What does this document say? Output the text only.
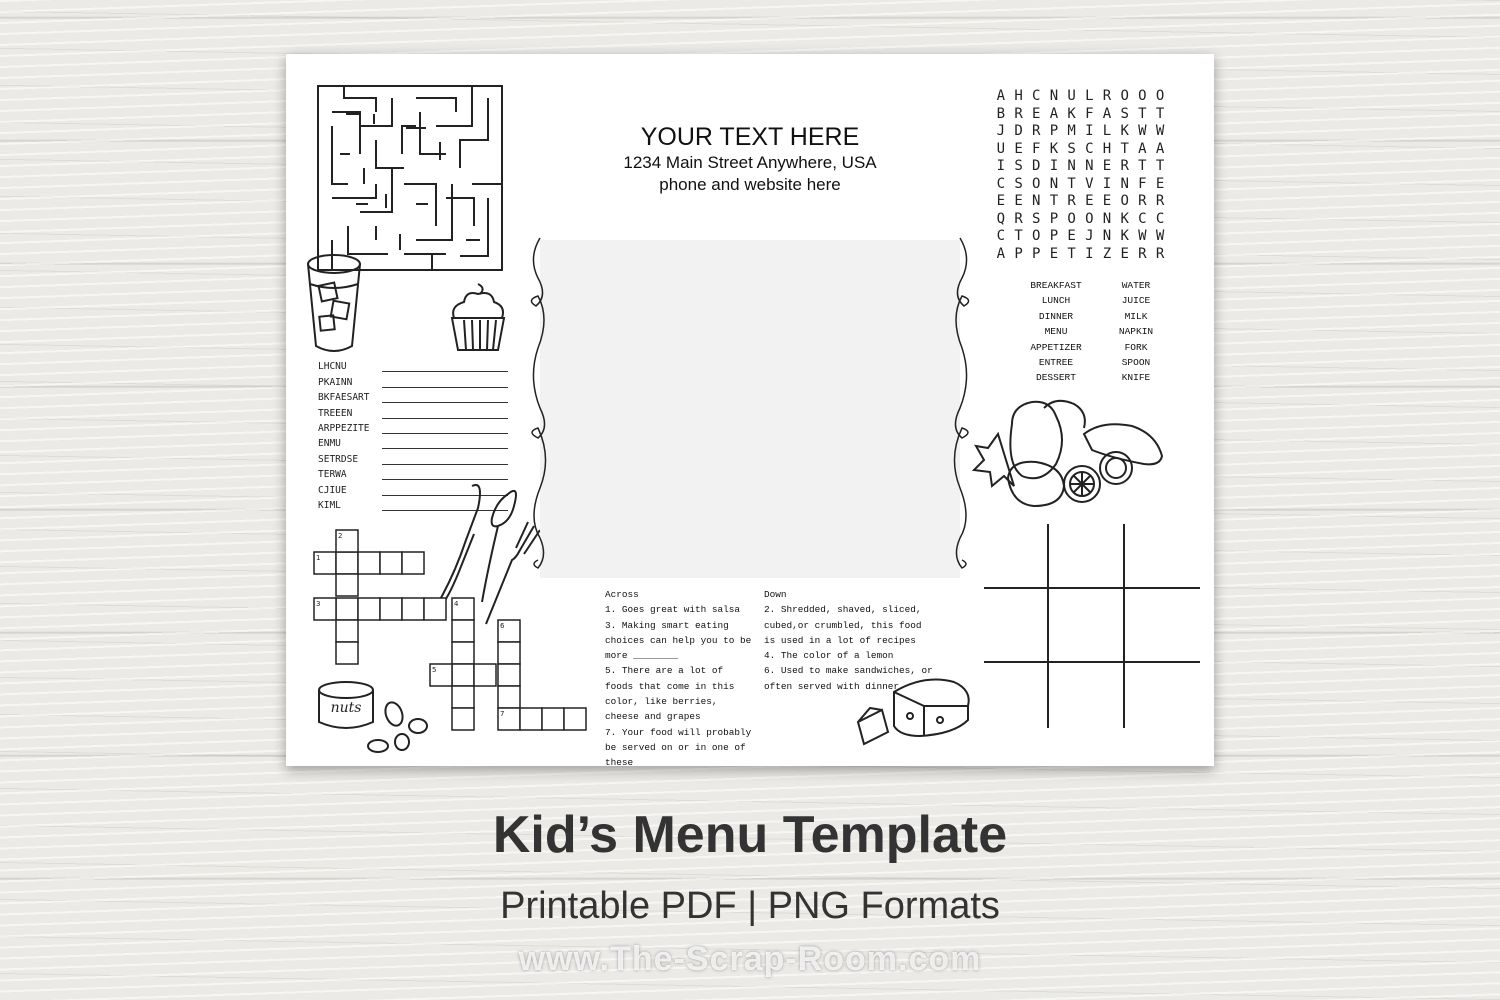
LHCNU
PKAINN
BKFAESART
TREEEN
ARPPEZITE
ENMU
SETRDSE
TERWA
CJIUE
KIML
1
2
3	4
5
6
7
nuts
YOUR TEXT HERE
1234 Main Street Anywhere, USA
phone and website here
Across
1. Goes great with salsa
3. Making smart eating choices can help you to be more ________
5. There are a lot of foods that come in this color, like berries, cheese and grapes
7. Your food will probably be served on or in one of these
Down
2. Shredded, shaved, sliced, cubed,or crumbled, this food is used in a lot of recipes
4. The color of a lemon
6. Used to make sandwiches, or often served with dinner
A H C N U L R O O O
B R E A K F A S T T
J D R P M I L K W W
U E F K S C H T A A
I S D I N N E R T T
C S O N T V I N F E
E E N T R E E O R R
Q R S P O O N K C C
C T O P E J N K W W
A P P E T I Z E R R
BREAKFAST
LUNCH
DINNER
MENU
APPETIZER
ENTREE
DESSERT
WATER
JUICE
MILK
NAPKIN
FORK
SPOON
KNIFE
Kid’s Menu Template
Printable PDF | PNG Formats
www.The-Scrap-Room.com
